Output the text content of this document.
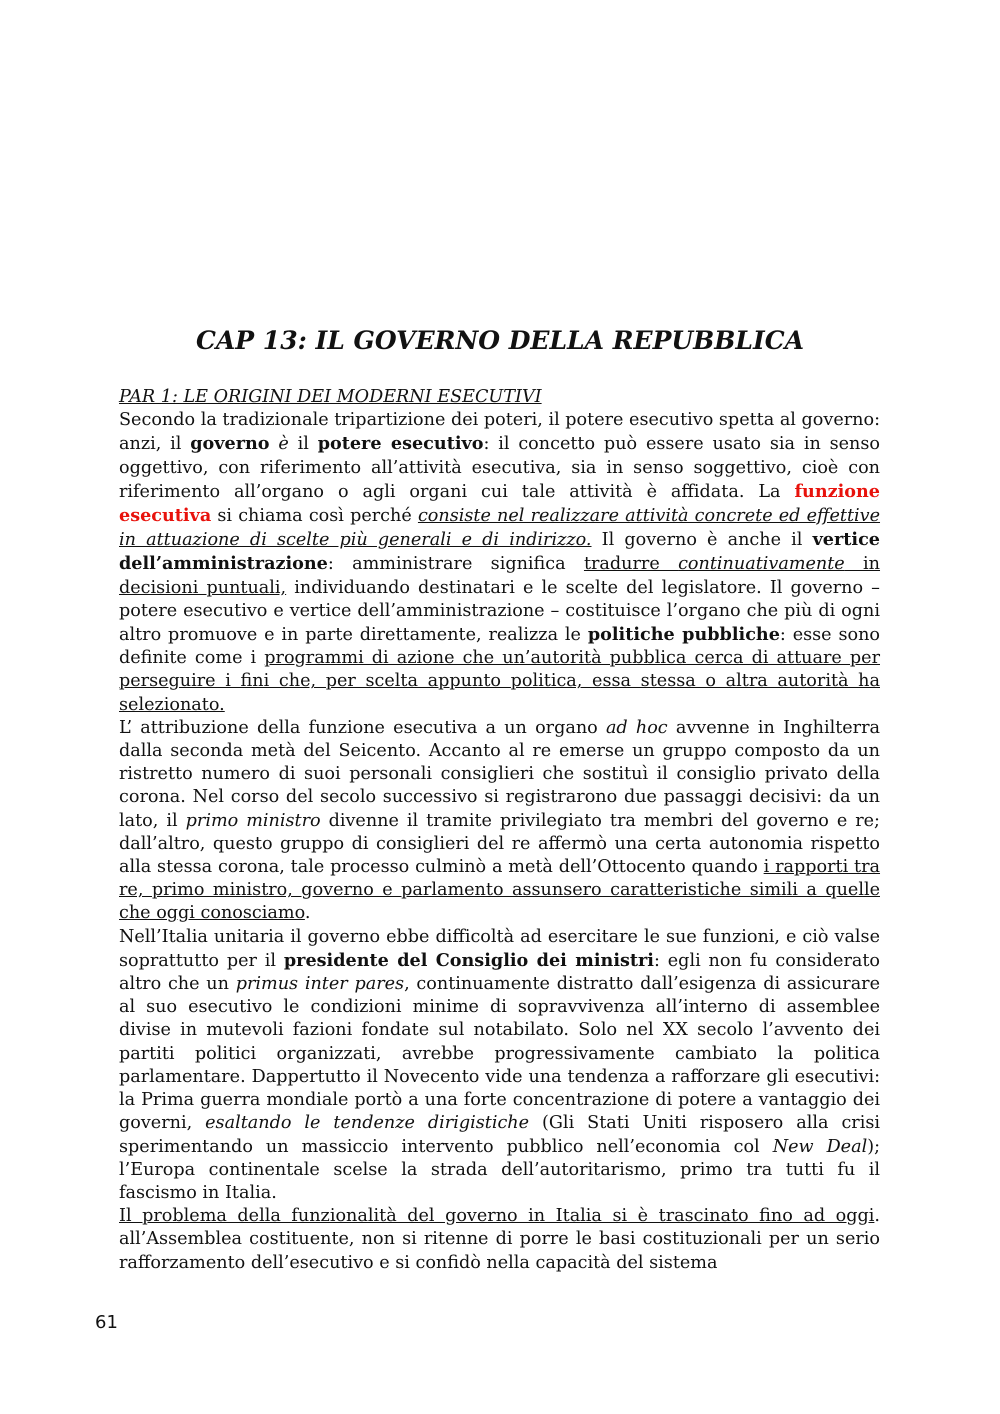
CAP 13: IL GOVERNO DELLA REPUBBLICA

PAR 1: LE ORIGINI DEI MODERNI ESECUTIVI

Secondo la tradizionale tripartizione dei poteri, il potere esecutivo spetta al governo: anzi, il governo è il potere esecutivo: il concetto può essere usato sia in senso oggettivo, con riferimento all’attività esecutiva, sia in senso soggettivo, cioè con riferimento all’organo o agli organi cui tale attività è affidata. La funzione esecutiva si chiama così perché consiste nel realizzare attività concrete ed effettive in attuazione di scelte più generali e di indirizzo. Il governo è anche il vertice dell’amministrazione: amministrare significa tradurre continuativamente in decisioni puntuali, individuando destinatari e le scelte del legislatore. Il governo – potere esecutivo e vertice dell’amministrazione – costituisce l’organo che più di ogni altro promuove e in parte direttamente, realizza le politiche pubbliche: esse sono definite come i programmi di azione che un’autorità pubblica cerca di attuare per perseguire i fini che, per scelta appunto politica, essa stessa o altra autorità ha selezionato.

L’ attribuzione della funzione esecutiva a un organo ad hoc avvenne in Inghilterra dalla seconda metà del Seicento. Accanto al re emerse un gruppo composto da un ristretto numero di suoi personali consiglieri che sostituì il consiglio privato della corona. Nel corso del secolo successivo si registrarono due passaggi decisivi: da un lato, il primo ministro divenne il tramite privilegiato tra membri del governo e re; dall’altro, questo gruppo di consiglieri del re affermò una certa autonomia rispetto alla stessa corona, tale processo culminò a metà dell’Ottocento quando i rapporti tra re, primo ministro, governo e parlamento assunsero caratteristiche simili a quelle che oggi conosciamo.

Nell’Italia unitaria il governo ebbe difficoltà ad esercitare le sue funzioni, e ciò valse soprattutto per il presidente del Consiglio dei ministri: egli non fu considerato altro che un primus inter pares, continuamente distratto dall’esigenza di assicurare al suo esecutivo le condizioni minime di sopravvivenza all’interno di assemblee divise in mutevoli fazioni fondate sul notabilato. Solo nel XX secolo l’avvento dei partiti politici organizzati, avrebbe progressivamente cambiato la politica parlamentare. Dappertutto il Novecento vide una tendenza a rafforzare gli esecutivi: la Prima guerra mondiale portò a una forte concentrazione di potere a vantaggio dei governi, esaltando le tendenze dirigistiche (Gli Stati Uniti risposero alla crisi sperimentando un massiccio intervento pubblico nell’economia col New Deal); l’Europa continentale scelse la strada dell’autoritarismo, primo tra tutti fu il fascismo in Italia.

Il problema della funzionalità del governo in Italia si è trascinato fino ad oggi. all’Assemblea costituente, non si ritenne di porre le basi costituzionali per un serio rafforzamento dell’esecutivo e si confidò nella capacità del sistema

61
